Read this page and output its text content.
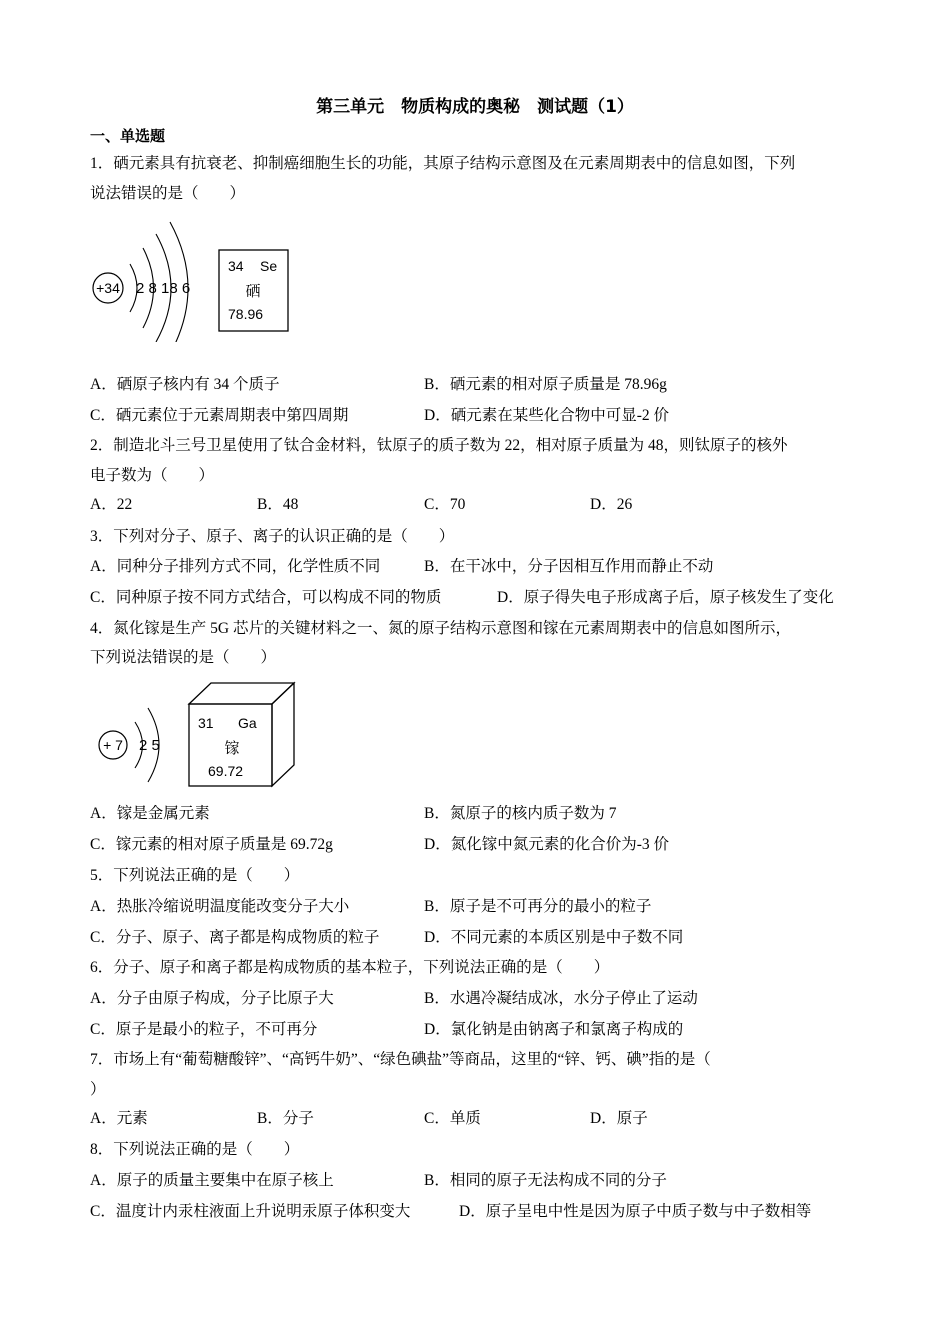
第三单元　物质构成的奥秘　测试题（1）
一、单选题
1．硒元素具有抗衰老、抑制癌细胞生长的功能，其原子结构示意图及在元素周期表中的信息如图，下列
说法错误的是（　　）
+34 2 8 18 6
34 Se
硒
78.96
A．硒原子核内有 34 个质子	B．硒元素的相对原子质量是 78.96g
C．硒元素位于元素周期表中第四周期	D．硒元素在某些化合物中可显-2 价
2．制造北斗三号卫星使用了钛合金材料，钛原子的质子数为 22，相对原子质量为 48，则钛原子的核外
电子数为（　　）
A．22	B．48	C．70	D．26
3．下列对分子、原子、离子的认识正确的是（　　）
A．同种分子排列方式不同，化学性质不同	B．在干冰中，分子因相互作用而静止不动
C．同种原子按不同方式结合，可以构成不同的物质	D．原子得失电子形成离子后，原子核发生了变化
4．氮化镓是生产 5G 芯片的关键材料之一、氮的原子结构示意图和镓在元素周期表中的信息如图所示，
下列说法错误的是（　　）
+ 7 2 5
31 Ga
镓
69.72
A．镓是金属元素	B．氮原子的核内质子数为 7
C．镓元素的相对原子质量是 69.72g	D．氮化镓中氮元素的化合价为-3 价
5．下列说法正确的是（　　）
A．热胀冷缩说明温度能改变分子大小	B．原子是不可再分的最小的粒子
C．分子、原子、离子都是构成物质的粒子	D．不同元素的本质区别是中子数不同
6．分子、原子和离子都是构成物质的基本粒子，下列说法正确的是（　　）
A．分子由原子构成，分子比原子大	B．水遇冷凝结成冰，水分子停止了运动
C．原子是最小的粒子，不可再分	D．氯化钠是由钠离子和氯离子构成的
7．市场上有“葡萄糖酸锌”、“高钙牛奶”、“绿色碘盐”等商品，这里的“锌、钙、碘”指的是（
）
A．元素	B．分子	C．单质	D．原子
8．下列说法正确的是（　　）
A．原子的质量主要集中在原子核上	B．相同的原子无法构成不同的分子
C．温度计内汞柱液面上升说明汞原子体积变大	D．原子呈电中性是因为原子中质子数与中子数相等
